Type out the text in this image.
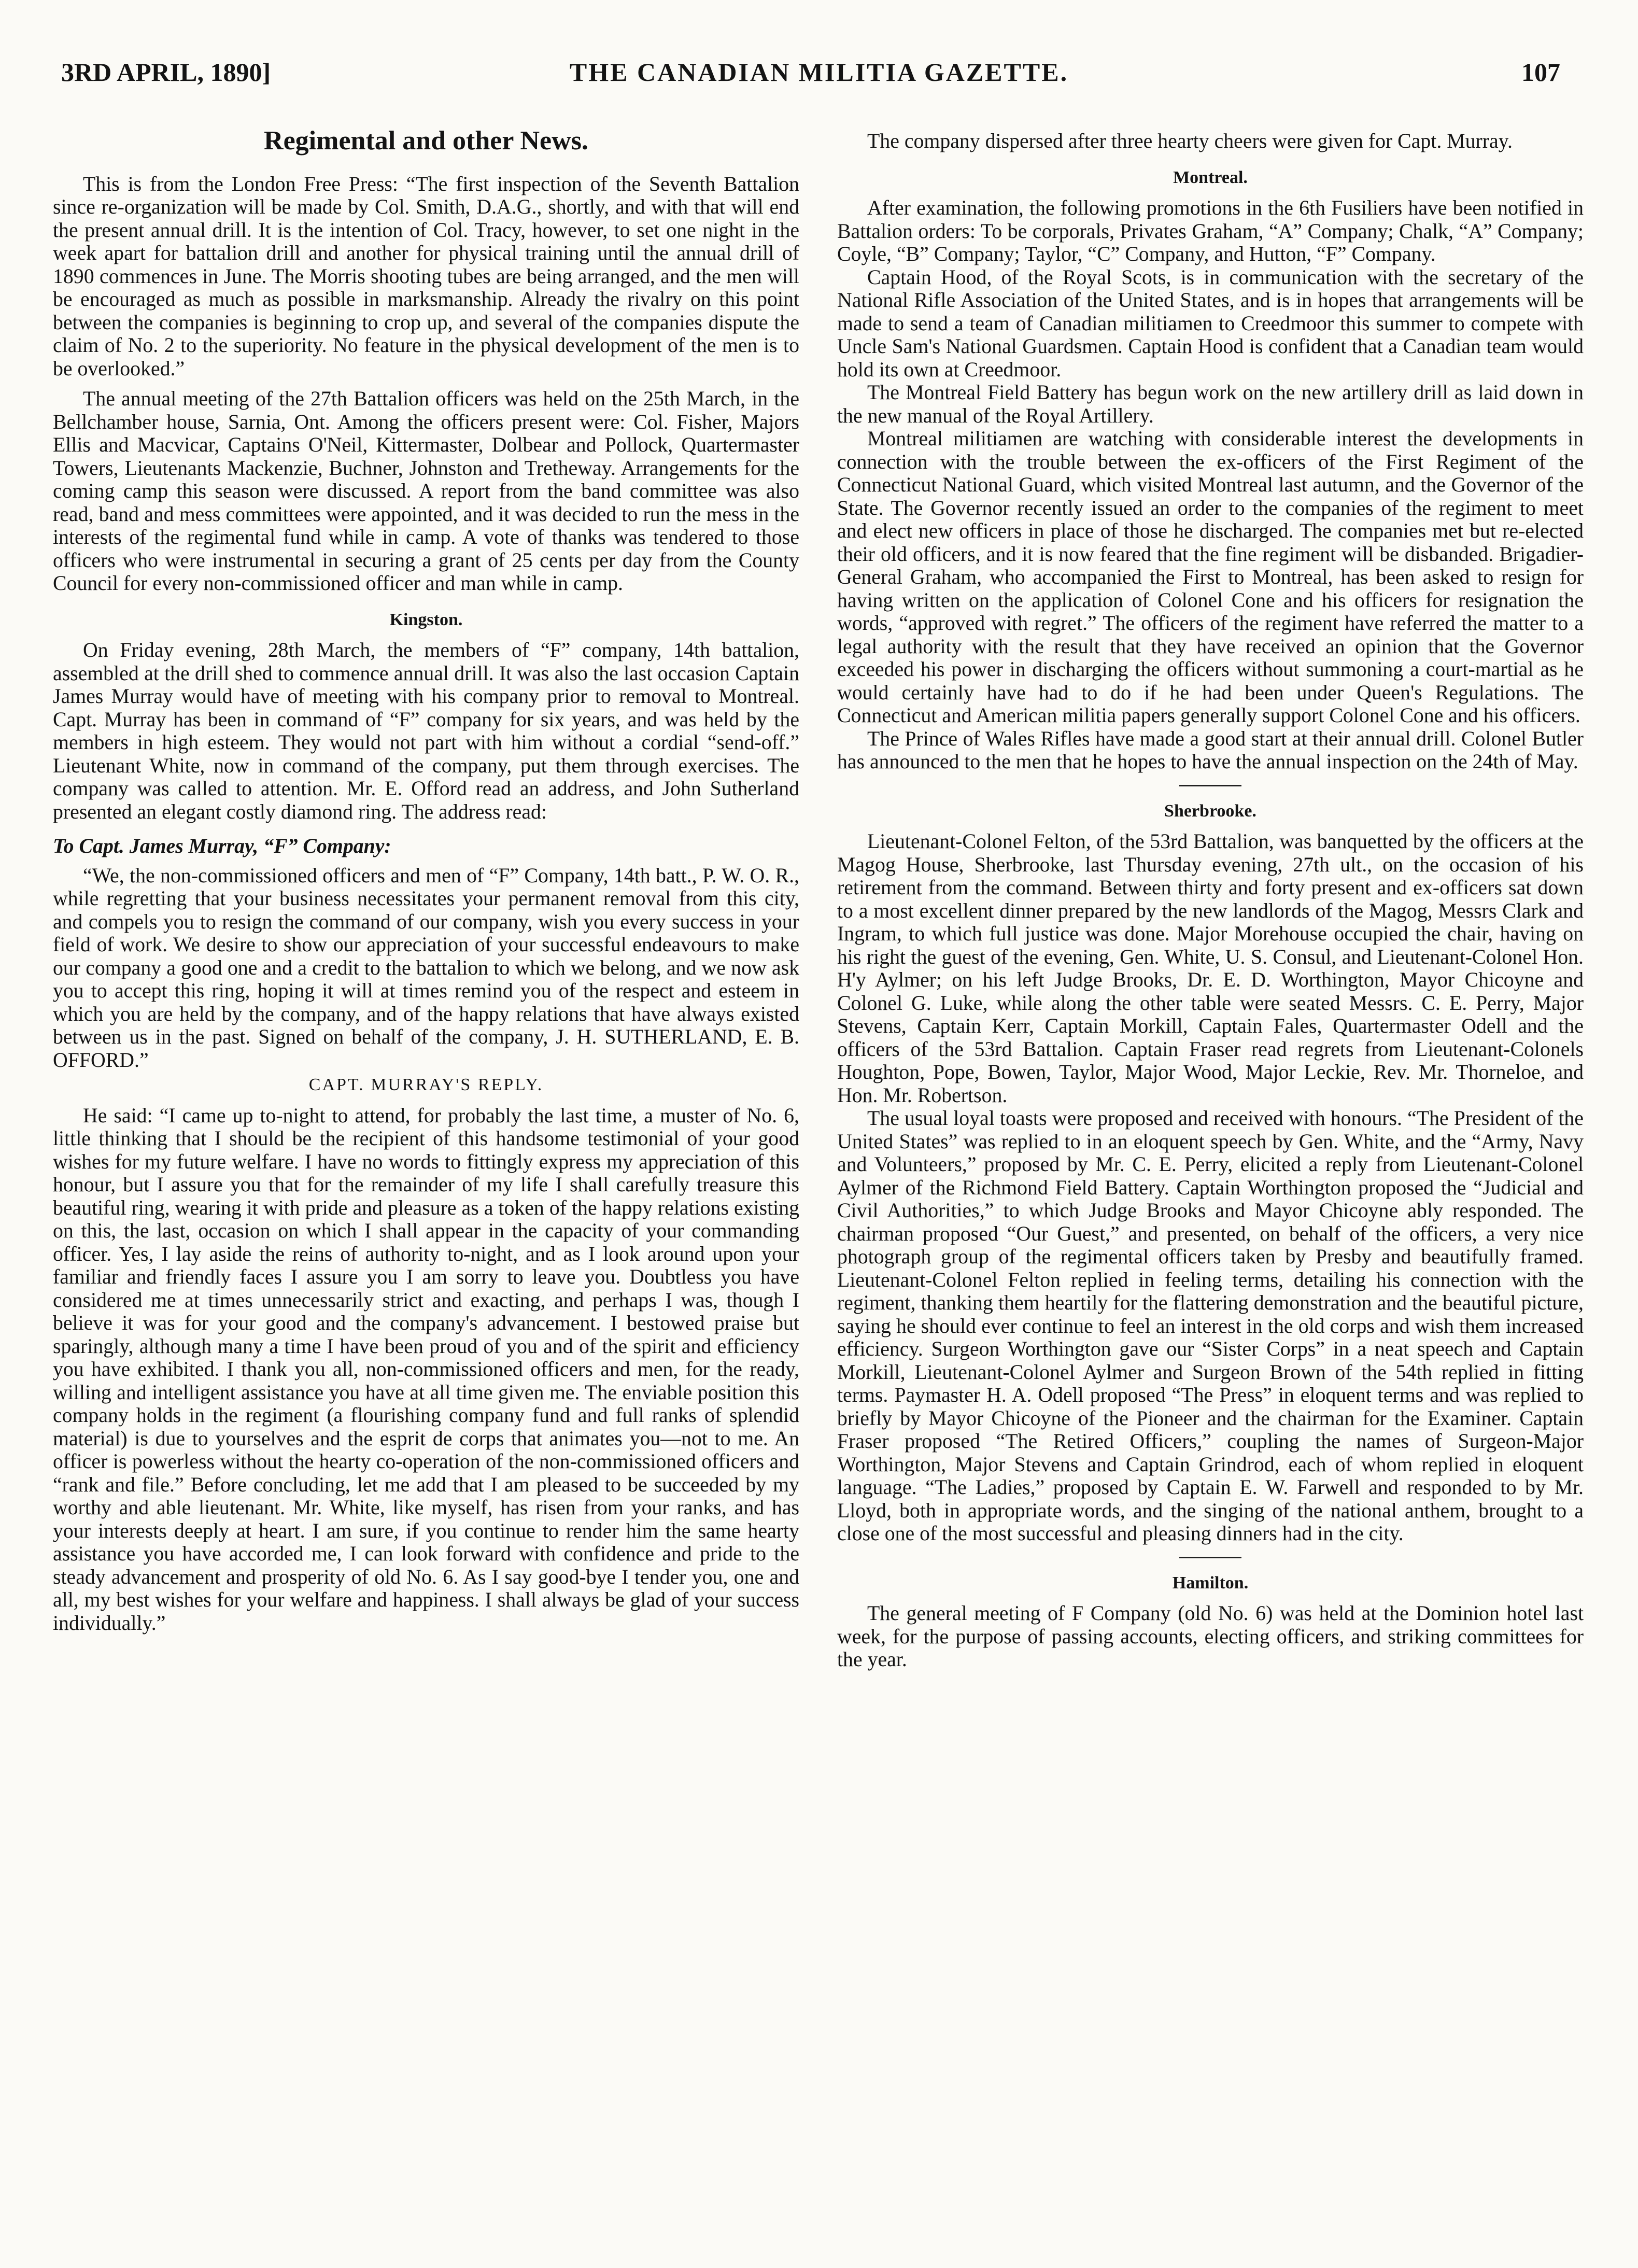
3RD APRIL, 1890]	THE CANADIAN MILITIA GAZETTE.	107
Regimental and other News.

This is from the London Free Press: “The first inspection of the Seventh Battalion since re-organization will be made by Col. Smith, D.A.G., shortly, and with that will end the present annual drill. It is the intention of Col. Tracy, however, to set one night in the week apart for battalion drill and another for physical training until the annual drill of 1890 commences in June. The Morris shooting tubes are being arranged, and the men will be encouraged as much as possible in marksmanship. Already the rivalry on this point between the companies is beginning to crop up, and several of the companies dispute the claim of No. 2 to the superiority. No feature in the physical development of the men is to be overlooked.”

The annual meeting of the 27th Battalion officers was held on the 25th March, in the Bellchamber house, Sarnia, Ont. Among the officers present were: Col. Fisher, Majors Ellis and Macvicar, Captains O'Neil, Kittermaster, Dolbear and Pollock, Quartermaster Towers, Lieutenants Mackenzie, Buchner, Johnston and Tretheway. Arrangements for the coming camp this season were discussed. A report from the band committee was also read, band and mess committees were appointed, and it was decided to run the mess in the interests of the regimental fund while in camp. A vote of thanks was tendered to those officers who were instrumental in securing a grant of 25 cents per day from the County Council for every non-commissioned officer and man while in camp.

Kingston.

On Friday evening, 28th March, the members of “F” company, 14th battalion, assembled at the drill shed to commence annual drill. It was also the last occasion Captain James Murray would have of meeting with his company prior to removal to Montreal. Capt. Murray has been in command of “F” company for six years, and was held by the members in high esteem. They would not part with him without a cordial “send-off.” Lieutenant White, now in command of the company, put them through exercises. The company was called to attention. Mr. E. Offord read an address, and John Sutherland presented an elegant costly diamond ring. The address read:

To Capt. James Murray, “F” Company:

“We, the non-commissioned officers and men of “F” Company, 14th batt., P. W. O. R., while regretting that your business necessitates your permanent removal from this city, and compels you to resign the command of our company, wish you every success in your field of work. We desire to show our appreciation of your successful endeavours to make our company a good one and a credit to the battalion to which we belong, and we now ask you to accept this ring, hoping it will at times remind you of the respect and esteem in which you are held by the company, and of the happy relations that have always existed between us in the past. Signed on behalf of the company, J. H. SUTHERLAND, E. B. OFFORD.”

CAPT. MURRAY'S REPLY.

He said: “I came up to-night to attend, for probably the last time, a muster of No. 6, little thinking that I should be the recipient of this handsome testimonial of your good wishes for my future welfare. I have no words to fittingly express my appreciation of this honour, but I assure you that for the remainder of my life I shall carefully treasure this beautiful ring, wearing it with pride and pleasure as a token of the happy relations existing on this, the last, occasion on which I shall appear in the capacity of your commanding officer. Yes, I lay aside the reins of authority to-night, and as I look around upon your familiar and friendly faces I assure you I am sorry to leave you. Doubtless you have considered me at times unnecessarily strict and exacting, and perhaps I was, though I believe it was for your good and the company's advancement. I bestowed praise but sparingly, although many a time I have been proud of you and of the spirit and efficiency you have exhibited. I thank you all, non-commissioned officers and men, for the ready, willing and intelligent assistance you have at all time given me. The enviable position this company holds in the regiment (a flourishing company fund and full ranks of splendid material) is due to yourselves and the esprit de corps that animates you—not to me. An officer is powerless without the hearty co-operation of the non-commissioned officers and “rank and file.” Before concluding, let me add that I am pleased to be succeeded by my worthy and able lieutenant. Mr. White, like myself, has risen from your ranks, and has your interests deeply at heart. I am sure, if you continue to render him the same hearty assistance you have accorded me, I can look forward with confidence and pride to the steady advancement and prosperity of old No. 6. As I say good-bye I tender you, one and all, my best wishes for your welfare and happiness. I shall always be glad of your success individually.”

The company dispersed after three hearty cheers were given for Capt. Murray.

Montreal.

After examination, the following promotions in the 6th Fusiliers have been notified in Battalion orders: To be corporals, Privates Graham, “A” Company; Chalk, “A” Company; Coyle, “B” Company; Taylor, “C” Company, and Hutton, “F” Company.

Captain Hood, of the Royal Scots, is in communication with the secretary of the National Rifle Association of the United States, and is in hopes that arrangements will be made to send a team of Canadian militiamen to Creedmoor this summer to compete with Uncle Sam's National Guardsmen. Captain Hood is confident that a Canadian team would hold its own at Creedmoor.

The Montreal Field Battery has begun work on the new artillery drill as laid down in the new manual of the Royal Artillery.

Montreal militiamen are watching with considerable interest the developments in connection with the trouble between the ex-officers of the First Regiment of the Connecticut National Guard, which visited Montreal last autumn, and the Governor of the State. The Governor recently issued an order to the companies of the regiment to meet and elect new officers in place of those he discharged. The companies met but re-elected their old officers, and it is now feared that the fine regiment will be disbanded. Brigadier-General Graham, who accompanied the First to Montreal, has been asked to resign for having written on the application of Colonel Cone and his officers for resignation the words, “approved with regret.” The officers of the regiment have referred the matter to a legal authority with the result that they have received an opinion that the Governor exceeded his power in discharging the officers without summoning a court-martial as he would certainly have had to do if he had been under Queen's Regulations. The Connecticut and American militia papers generally support Colonel Cone and his officers.

The Prince of Wales Rifles have made a good start at their annual drill. Colonel Butler has announced to the men that he hopes to have the annual inspection on the 24th of May.

Sherbrooke.

Lieutenant-Colonel Felton, of the 53rd Battalion, was banquetted by the officers at the Magog House, Sherbrooke, last Thursday evening, 27th ult., on the occasion of his retirement from the command. Between thirty and forty present and ex-officers sat down to a most excellent dinner prepared by the new landlords of the Magog, Messrs Clark and Ingram, to which full justice was done. Major Morehouse occupied the chair, having on his right the guest of the evening, Gen. White, U. S. Consul, and Lieutenant-Colonel Hon. H'y Aylmer; on his left Judge Brooks, Dr. E. D. Worthington, Mayor Chicoyne and Colonel G. Luke, while along the other table were seated Messrs. C. E. Perry, Major Stevens, Captain Kerr, Captain Morkill, Captain Fales, Quartermaster Odell and the officers of the 53rd Battalion. Captain Fraser read regrets from Lieutenant-Colonels Houghton, Pope, Bowen, Taylor, Major Wood, Major Leckie, Rev. Mr. Thorneloe, and Hon. Mr. Robertson.

The usual loyal toasts were proposed and received with honours. “The President of the United States” was replied to in an eloquent speech by Gen. White, and the “Army, Navy and Volunteers,” proposed by Mr. C. E. Perry, elicited a reply from Lieutenant-Colonel Aylmer of the Richmond Field Battery. Captain Worthington proposed the “Judicial and Civil Authorities,” to which Judge Brooks and Mayor Chicoyne ably responded. The chairman proposed “Our Guest,” and presented, on behalf of the officers, a very nice photograph group of the regimental officers taken by Presby and beautifully framed. Lieutenant-Colonel Felton replied in feeling terms, detailing his connection with the regiment, thanking them heartily for the flattering demonstration and the beautiful picture, saying he should ever continue to feel an interest in the old corps and wish them increased efficiency. Surgeon Worthington gave our “Sister Corps” in a neat speech and Captain Morkill, Lieutenant-Colonel Aylmer and Surgeon Brown of the 54th replied in fitting terms. Paymaster H. A. Odell proposed “The Press” in eloquent terms and was replied to briefly by Mayor Chicoyne of the Pioneer and the chairman for the Examiner. Captain Fraser proposed “The Retired Officers,” coupling the names of Surgeon-Major Worthington, Major Stevens and Captain Grindrod, each of whom replied in eloquent language. “The Ladies,” proposed by Captain E. W. Farwell and responded to by Mr. Lloyd, both in appropriate words, and the singing of the national anthem, brought to a close one of the most successful and pleasing dinners had in the city.

Hamilton.

The general meeting of F Company (old No. 6) was held at the Dominion hotel last week, for the purpose of passing accounts, electing officers, and striking committees for the year.
